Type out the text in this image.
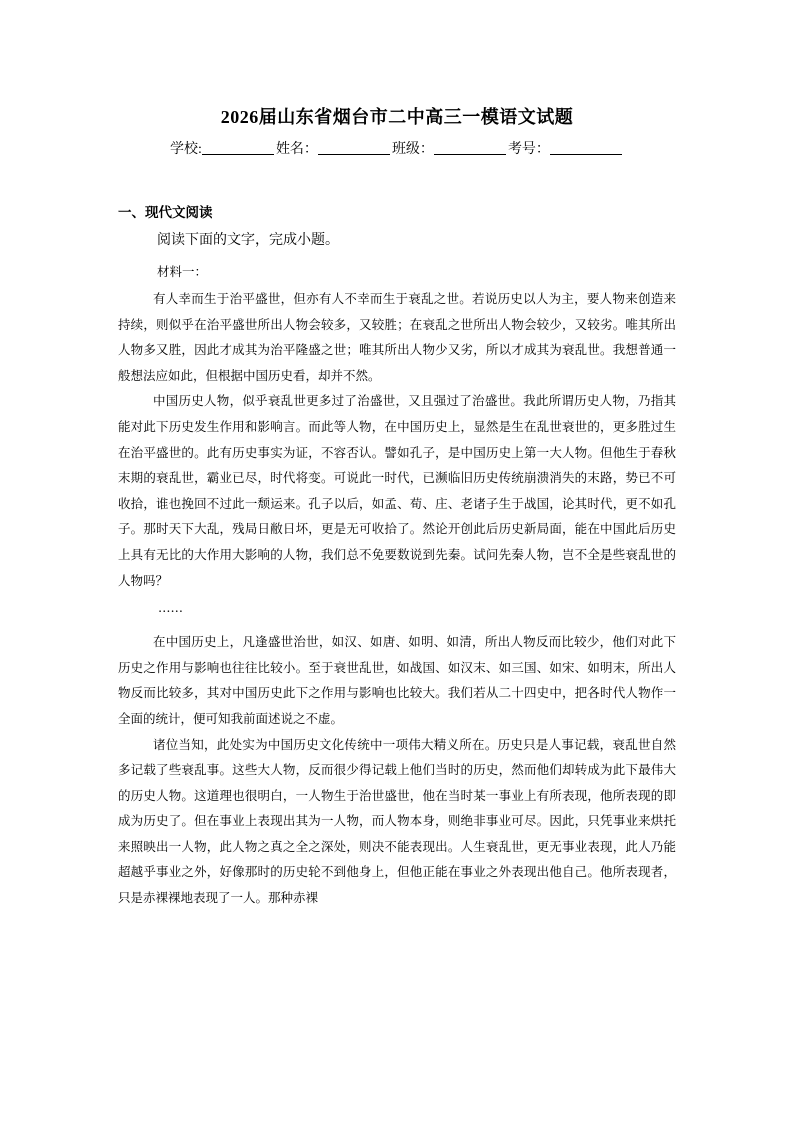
2026届山东省烟台市二中高三一模语文试题
学校:	姓名：	班级：	考号：
一、现代文阅读
阅读下面的文字，完成小题。
材料一：

有人幸而生于治平盛世，但亦有人不幸而生于衰乱之世。若说历史以人为主，要人物来创造来持续，则似乎在治平盛世所出人物会较多，又较胜；在衰乱之世所出人物会较少，又较劣。唯其所出人物多又胜，因此才成其为治平隆盛之世；唯其所出人物少又劣，所以才成其为衰乱世。我想普通一般想法应如此，但根据中国历史看，却并不然。

中国历史人物，似乎衰乱世更多过了治盛世，又且强过了治盛世。我此所谓历史人物，乃指其能对此下历史发生作用和影响言。而此等人物，在中国历史上，显然是生在乱世衰世的，更多胜过生在治平盛世的。此有历史事实为证，不容否认。譬如孔子，是中国历史上第一大人物。但他生于春秋末期的衰乱世，霸业已尽，时代将变。可说此一时代，已濒临旧历史传统崩溃消失的末路，势已不可收拾，谁也挽回不过此一颓运来。孔子以后，如孟、荀、庄、老诸子生于战国，论其时代，更不如孔子。那时天下大乱，残局日敝日坏，更是无可收拾了。然论开创此后历史新局面，能在中国此后历史上具有无比的大作用大影响的人物，我们总不免要数说到先秦。试问先秦人物，岂不全是些衰乱世的人物吗？

……

在中国历史上，凡逢盛世治世，如汉、如唐、如明、如清，所出人物反而比较少，他们对此下历史之作用与影响也往往比较小。至于衰世乱世，如战国、如汉末、如三国、如宋、如明末，所出人物反而比较多，其对中国历史此下之作用与影响也比较大。我们若从二十四史中，把各时代人物作一全面的统计，便可知我前面述说之不虚。

诸位当知，此处实为中国历史文化传统中一项伟大精义所在。历史只是人事记载，衰乱世自然多记载了些衰乱事。这些大人物，反而很少得记载上他们当时的历史，然而他们却转成为此下最伟大的历史人物。这道理也很明白，一人物生于治世盛世，他在当时某一事业上有所表现，他所表现的即成为历史了。但在事业上表现出其为一人物，而人物本身，则绝非事业可尽。因此，只凭事业来烘托来照映出一人物，此人物之真之全之深处，则决不能表现出。人生衰乱世，更无事业表现，此人乃能超越乎事业之外，好像那时的历史轮不到他身上，但他正能在事业之外表现出他自己。他所表现者，只是赤裸裸地表现了一人。那种赤裸
